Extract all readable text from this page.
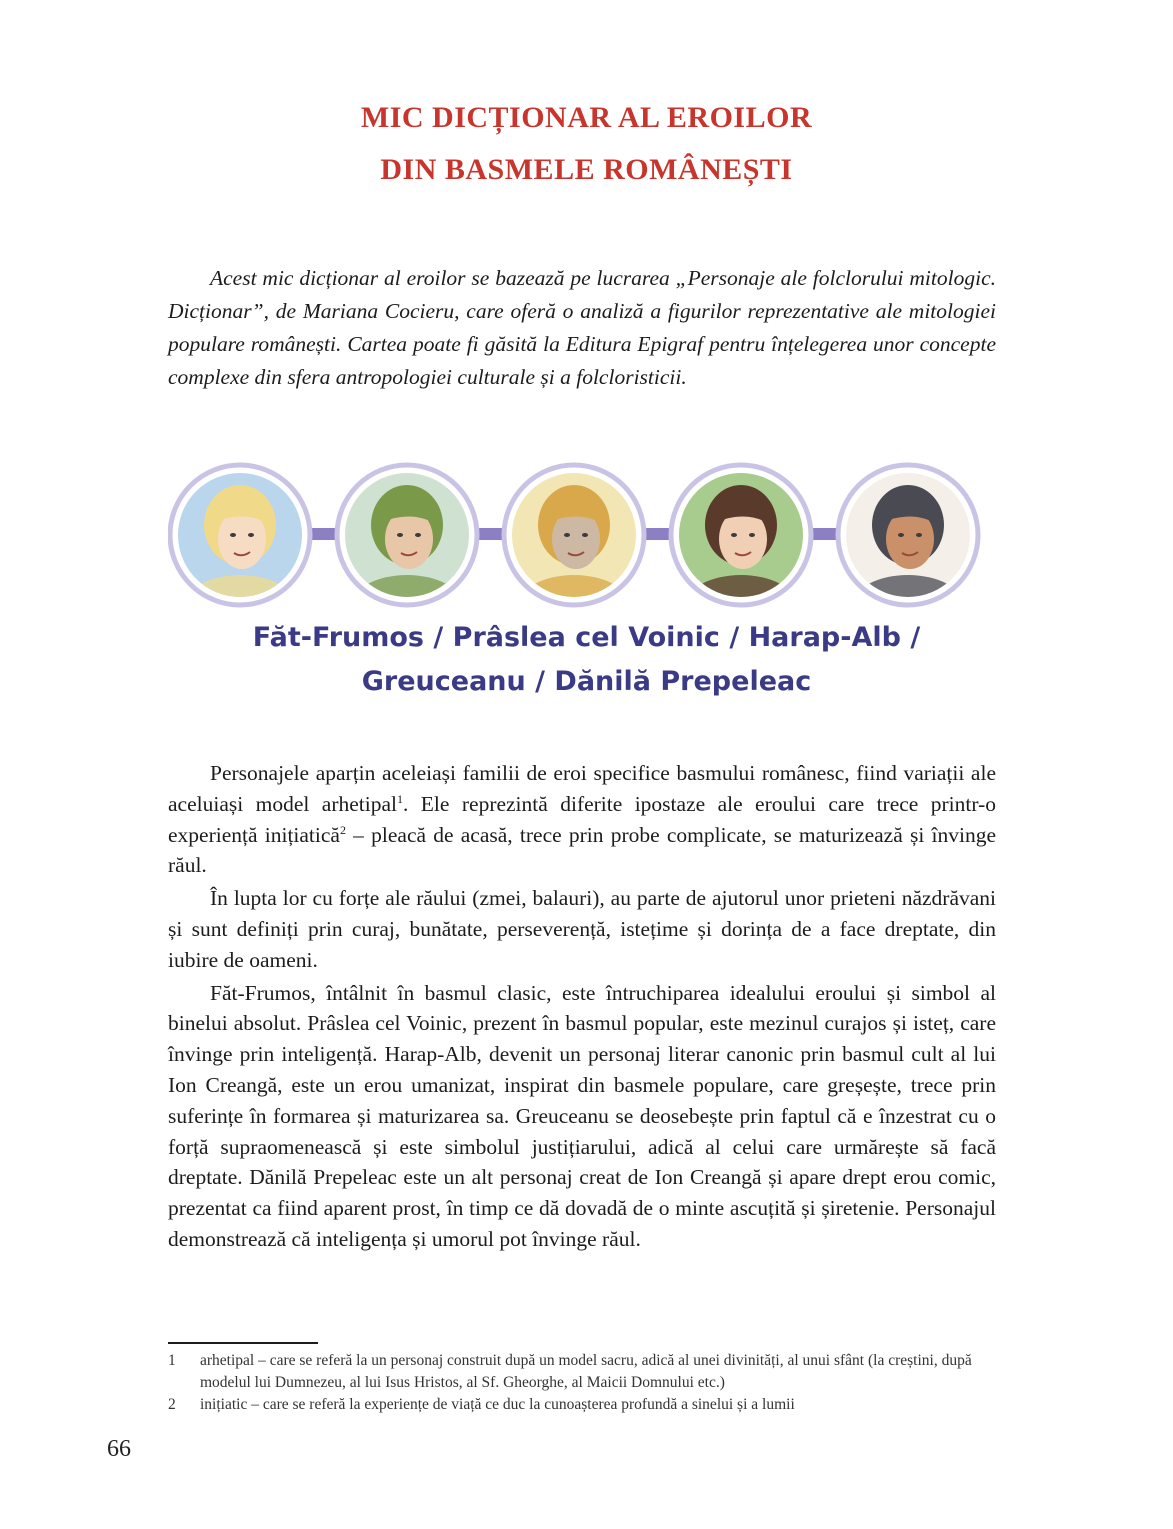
MIC DICȚIONAR AL EROILOR
DIN BASMELE ROMÂNEȘTI

Acest mic dicționar al eroilor se bazează pe lucrarea „Personaje ale folclorului mitologic. Dicționar”, de Mariana Cocieru, care oferă o analiză a figurilor reprezentative ale mitologiei populare românești. Cartea poate fi găsită la Editura Epigraf pentru înțelegerea unor concepte complexe din sfera antropologiei culturale și a folcloristicii.

Făt-Frumos / Prâslea cel Voinic / Harap-Alb /
Greuceanu / Dănilă Prepeleac

Personajele aparțin aceleiași familii de eroi specifice basmului românesc, fiind variații ale aceluiași model arhetipal$^1$. Ele reprezintă diferite ipostaze ale eroului care trece printr-o experiență inițiatică$^2$ – pleacă de acasă, trece prin probe complicate, se maturizează și învinge răul.

În lupta lor cu forțe ale răului (zmei, balauri), au parte de ajutorul unor prieteni năzdrăvani și sunt definiți prin curaj, bunătate, perseverență, istețime și dorința de a face dreptate, din iubire de oameni.

Făt-Frumos, întâlnit în basmul clasic, este întruchiparea idealului eroului și simbol al binelui absolut. Prâslea cel Voinic, prezent în basmul popular, este mezinul curajos și isteț, care învinge prin inteligență. Harap-Alb, devenit un personaj literar canonic prin basmul cult al lui Ion Creangă, este un erou umanizat, inspirat din basmele populare, care greșește, trece prin suferințe în formarea și maturizarea sa. Greuceanu se deosebește prin faptul că e înzestrat cu o forță supraomenească și este simbolul justițiarului, adică al celui care urmărește să facă dreptate. Dănilă Prepeleac este un alt personaj creat de Ion Creangă și apare drept erou comic, prezentat ca fiind aparent prost, în timp ce dă dovadă de o minte ascuțită și șiretenie. Personajul demonstrează că inteligența și umorul pot învinge răul.

1	arhetipal – care se referă la un personaj construit după un model sacru, adică al unei divinități, al unui sfânt (la creștini, după modelul lui Dumnezeu, al lui Isus Hristos, al Sf. Gheorghe, al Maicii Domnului etc.)
2	inițiatic – care se referă la experiențe de viață ce duc la cunoașterea profundă a sinelui și a lumii
66
